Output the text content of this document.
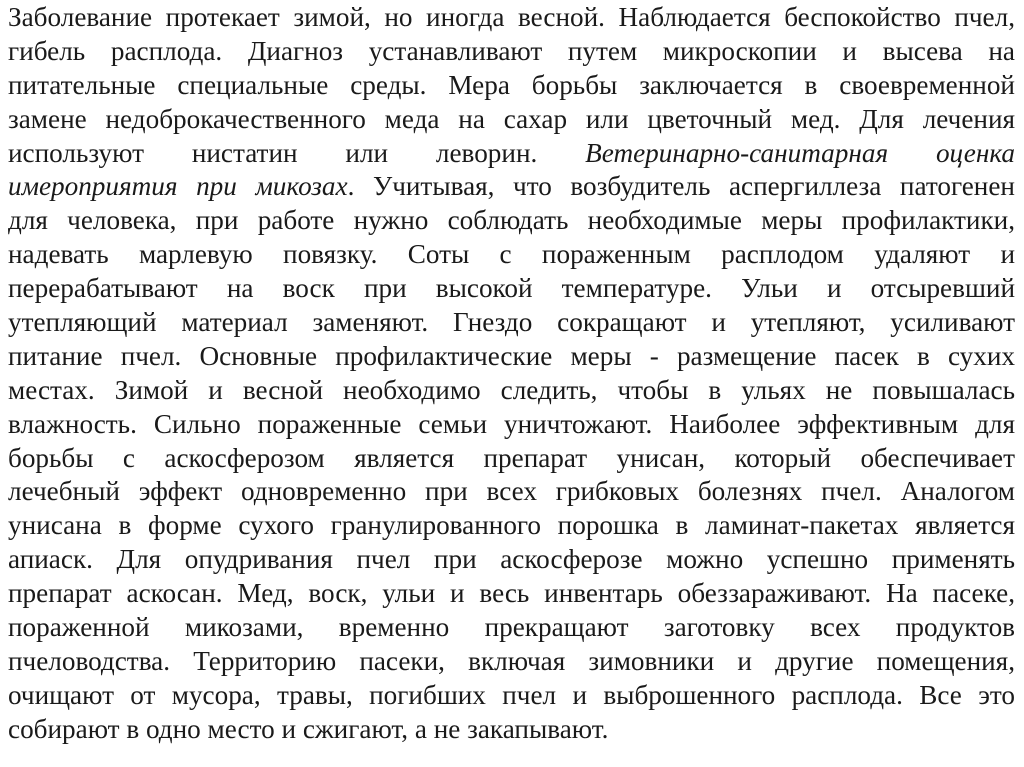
Заболевание протекает зимой, но иногда весной. Наблюдается беспокойство пчел,
гибель расплода. Диагноз устанавливают путем микроскопии и высева на
питательные специальные среды. Мера борьбы заключается в своевременной
замене недоброкачественного меда на сахар или цветочный мед. Для лечения
используют нистатин или леворин. Ветеринарно-санитарная оценка
имероприятия при микозах. Учитывая, что возбудитель аспергиллеза патогенен
для человека, при работе нужно соблюдать необходимые меры профилактики,
надевать марлевую повязку. Соты с пораженным расплодом удаляют и
перерабатывают на воск при высокой температуре. Ульи и отсыревший
утепляющий материал заменяют. Гнездо сокращают и утепляют, усиливают
питание пчел. Основные профилактические меры - размещение пасек в сухих
местах. Зимой и весной необходимо следить, чтобы в ульях не повышалась
влажность. Сильно пораженные семьи уничтожают. Наиболее эффективным для
борьбы с аскосферозом является препарат унисан, который обеспечивает
лечебный эффект одновременно при всех грибковых болезнях пчел. Аналогом
унисана в форме сухого гранулированного порошка в ламинат-пакетах является
апиаск. Для опудривания пчел при аскосферозе можно успешно применять
препарат аскосан. Мед, воск, ульи и весь инвентарь обеззараживают. На пасеке,
пораженной микозами, временно прекращают заготовку всех продуктов
пчеловодства. Территорию пасеки, включая зимовники и другие помещения,
очищают от мусора, травы, погибших пчел и выброшенного расплода. Все это
собирают в одно место и сжигают, а не закапывают.
